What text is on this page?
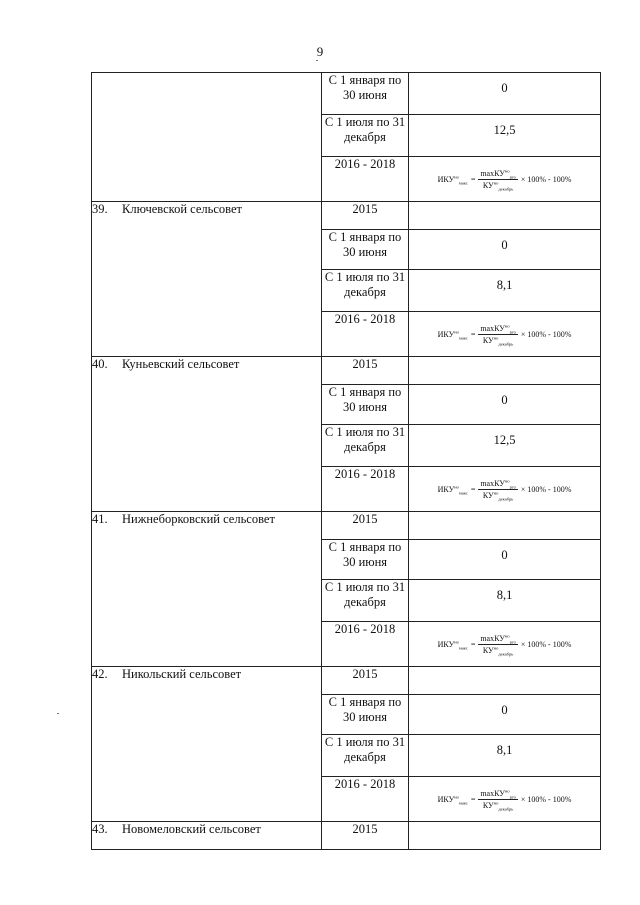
9
	С 1 января по 30 июня	0

	С 1 июля по 31 декабря	12,5

	2016 - 2018	$ИКУ^{но}_{макс} = \frac{\max КУ^{но}_{рго}}{КУ^{но}_{декабрь}} \times 100\% - 100\%$

39. Ключевской сельсовет	2015	
	С 1 января по 30 июня	0

	С 1 июля по 31 декабря	8,1

	2016 - 2018	$ИКУ^{но}_{макс} = \frac{\max КУ^{но}_{рго}}{КУ^{но}_{декабрь}} \times 100\% - 100\%$

40. Куньевский сельсовет	2015	
	С 1 января по 30 июня	0

	С 1 июля по 31 декабря	12,5

	2016 - 2018	$ИКУ^{но}_{макс} = \frac{\max КУ^{но}_{рго}}{КУ^{но}_{декабрь}} \times 100\% - 100\%$

41. Нижнеборковский сельсовет	2015	
	С 1 января по 30 июня	0

	С 1 июля по 31 декабря	8,1

	2016 - 2018	$ИКУ^{но}_{макс} = \frac{\max КУ^{но}_{рго}}{КУ^{но}_{декабрь}} \times 100\% - 100\%$

42. Никольский сельсовет	2015	
	С 1 января по 30 июня	0

	С 1 июля по 31 декабря	8,1

	2016 - 2018	$ИКУ^{но}_{макс} = \frac{\max КУ^{но}_{рго}}{КУ^{но}_{декабрь}} \times 100\% - 100\%$

43. Новомеловский сельсовет	2015	
